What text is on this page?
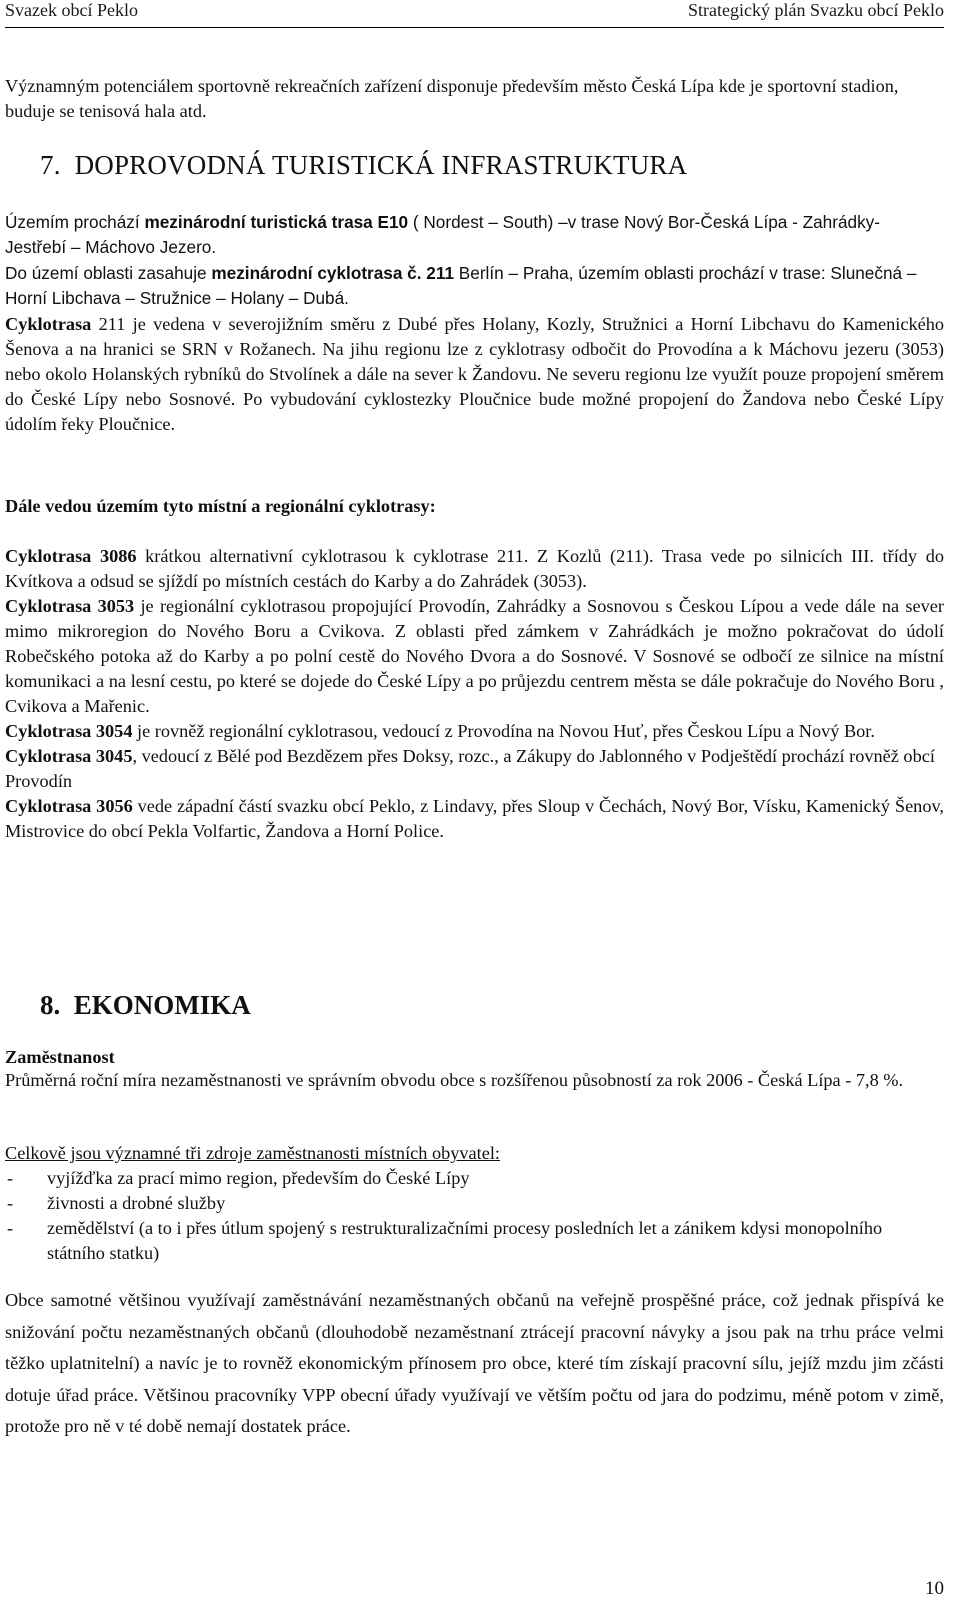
Svazek obcí Peklo	Strategický plán Svazku obcí Peklo

Významným potenciálem sportovně rekreačních zařízení disponuje především město Česká Lípa kde je sportovní stadion, buduje se tenisová hala atd.

7. DOPROVODNÁ TURISTICKÁ INFRASTRUKTURA

Územím prochází mezinárodní turistická trasa E10 ( Nordest – South) –v trase Nový Bor-Česká Lípa - Zahrádky- Jestřebí – Máchovo Jezero.

Do území oblasti zasahuje mezinárodní cyklotrasa č. 211 Berlín – Praha, územím oblasti prochází v trase: Slunečná – Horní Libchava – Stružnice – Holany – Dubá.

Cyklotrasa 211 je vedena v severojižním směru z Dubé přes Holany, Kozly, Stružnici a Horní Libchavu do Kamenického Šenova a na hranici se SRN v Rožanech. Na jihu regionu lze z cyklotrasy odbočit do Provodína a k Máchovu jezeru (3053) nebo okolo Holanských rybníků do Stvolínek a dále na sever k Žandovu. Ne severu regionu lze využít pouze propojení směrem do České Lípy nebo Sosnové. Po vybudování cyklostezky Ploučnice bude možné propojení do Žandova nebo České Lípy údolím řeky Ploučnice.

Dále vedou územím tyto místní a regionální cyklotrasy:

Cyklotrasa 3086 krátkou alternativní cyklotrasou k cyklotrase 211. Z Kozlů (211). Trasa vede po silnicích III. třídy do Kvítkova a odsud se sjíždí po místních cestách do Karby a do Zahrádek (3053).
Cyklotrasa 3053 je regionální cyklotrasou propojující Provodín, Zahrádky a Sosnovou s Českou Lípou a vede dále na sever mimo mikroregion do Nového Boru a Cvikova. Z oblasti před zámkem v Zahrádkách je možno pokračovat do údolí Robečského potoka až do Karby a po polní cestě do Nového Dvora a do Sosnové. V Sosnové se odbočí ze silnice na místní komunikaci a na lesní cestu, po které se dojede do České Lípy a po průjezdu centrem města se dále pokračuje do Nového Boru , Cvikova a Mařenic.
Cyklotrasa 3054 je rovněž regionální cyklotrasou, vedoucí z Provodína na Novou Huť, přes Českou Lípu a Nový Bor.
Cyklotrasa 3045, vedoucí z Bělé pod Bezdězem přes Doksy, rozc., a Zákupy do Jablonného v Podještědí prochází rovněž obcí Provodín
Cyklotrasa 3056 vede západní částí svazku obcí Peklo, z Lindavy, přes Sloup v Čechách, Nový Bor, Vísku, Kamenický Šenov, Mistrovice do obcí Pekla Volfartic, Žandova a Horní Police.
8. EKONOMIKA

Zaměstnanost

Průměrná roční míra nezaměstnanosti ve správním obvodu obce s rozšířenou působností za rok 2006 - Česká Lípa - 7,8 %.

Celkově jsou významné tři zdroje zaměstnanosti místních obyvatel:

- vyjížďka za prací mimo region, především do České Lípy
- živnosti a drobné služby
- zemědělství (a to i přes útlum spojený s restrukturalizačními procesy posledních let a zánikem kdysi monopolního státního statku)

Obce samotné většinou využívají zaměstnávání nezaměstnaných občanů na veřejně prospěšné práce, což jednak přispívá ke snižování počtu nezaměstnaných občanů (dlouhodobě nezaměstnaní ztrácejí pracovní návyky a jsou pak na trhu práce velmi těžko uplatnitelní) a navíc je to rovněž ekonomickým přínosem pro obce, které tím získají pracovní sílu, jejíž mzdu jim zčásti dotuje úřad práce. Většinou pracovníky VPP obecní úřady využívají ve větším počtu od jara do podzimu, méně potom v zimě, protože pro ně v té době nemají dostatek práce.

10
